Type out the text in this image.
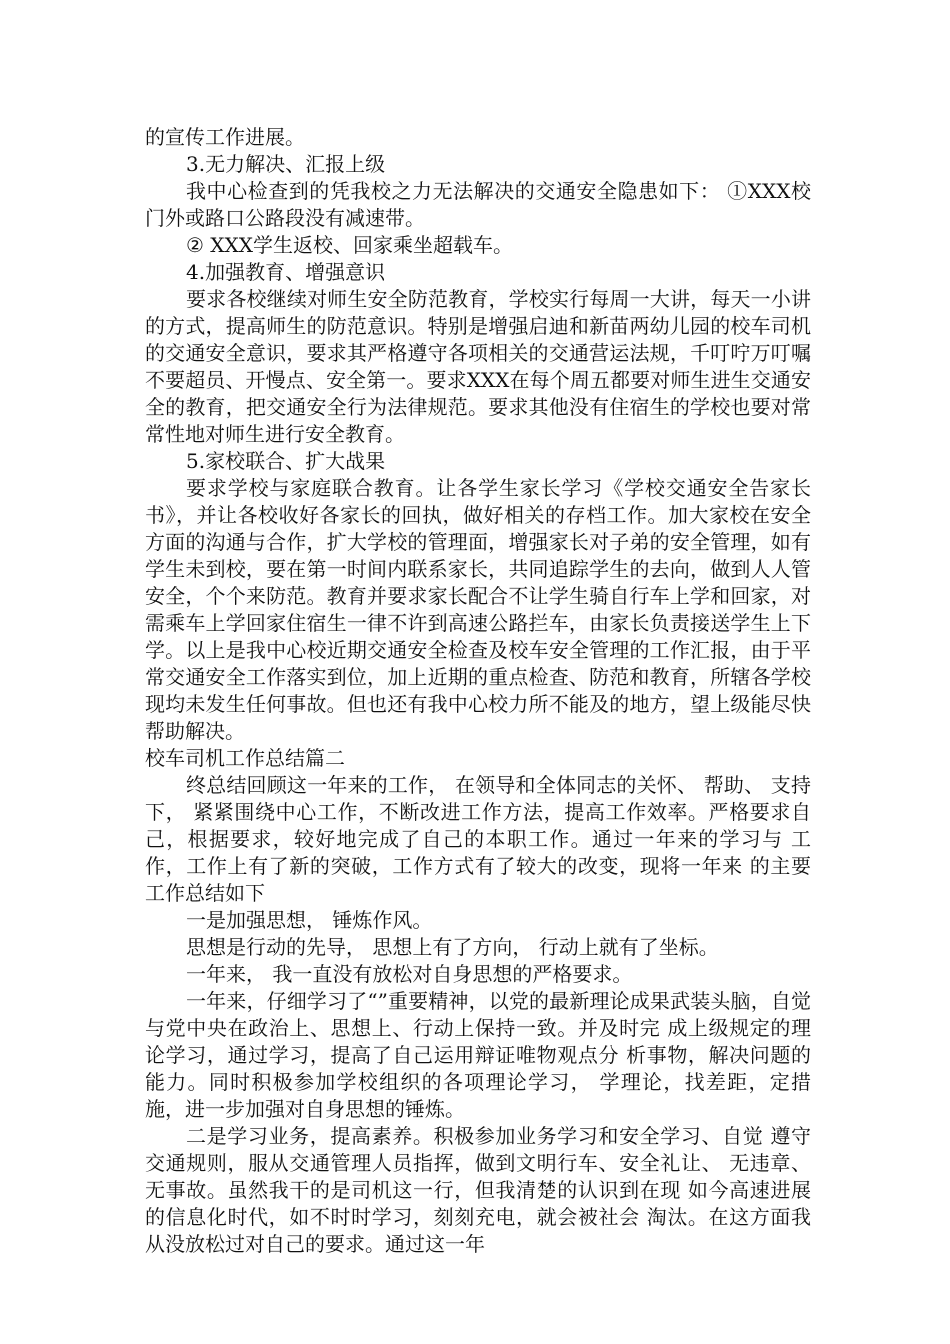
的宣传工作进展。

3.无力解决、汇报上级

我中心检查到的凭我校之力无法解决的交通安全隐患如下： ①XXX校门外或路口公路段没有减速带。

② XXX学生返校、回家乘坐超载车。

4.加强教育、增强意识

要求各校继续对师生安全防范教育，学校实行每周一大讲，每天一小讲的方式，提高师生的防范意识。特别是增强启迪和新苗两幼儿园的校车司机的交通安全意识，要求其严格遵守各项相关的交通营运法规，千叮咛万叮嘱不要超员、开慢点、安全第一。要求XXX在每个周五都要对师生进生交通安全的教育，把交通安全行为法律规范。要求其他没有住宿生的学校也要对常常性地对师生进行安全教育。

5.家校联合、扩大战果

要求学校与家庭联合教育。让各学生家长学习《学校交通安全告家长书》，并让各校收好各家长的回执，做好相关的存档工作。加大家校在安全方面的沟通与合作，扩大学校的管理面，增强家长对子弟的安全管理，如有学生未到校，要在第一时间内联系家长，共同追踪学生的去向，做到人人管安全，个个来防范。教育并要求家长配合不让学生骑自行车上学和回家，对需乘车上学回家住宿生一律不许到高速公路拦车，由家长负责接送学生上下学。以上是我中心校近期交通安全检查及校车安全管理的工作汇报，由于平常交通安全工作落实到位，加上近期的重点检查、防范和教育，所辖各学校现均未发生任何事故。但也还有我中心校力所不能及的地方，望上级能尽快帮助解决。

校车司机工作总结篇二

终总结回顾这一年来的工作， 在领导和全体同志的关怀、 帮助、 支持下， 紧紧围绕中心工作，不断改进工作方法，提高工作效率。严格要求自 己，根据要求，较好地完成了自己的本职工作。通过一年来的学习与 工作，工作上有了新的突破，工作方式有了较大的改变，现将一年来 的主要工作总结如下

一是加强思想， 锤炼作风。

思想是行动的先导， 思想上有了方向， 行动上就有了坐标。

一年来， 我一直没有放松对自身思想的严格要求。

一年来，仔细学习了“”重要精神，以党的最新理论成果武装头脑，自觉与党中央在政治上、思想上、行动上保持一致。并及时完 成上级规定的理论学习，通过学习，提高了自己运用辩证唯物观点分 析事物，解决问题的能力。同时积极参加学校组织的各项理论学习， 学理论，找差距，定措施，进一步加强对自身思想的锤炼。

二是学习业务，提高素养。积极参加业务学习和安全学习、自觉 遵守交通规则，服从交通管理人员指挥，做到文明行车、安全礼让、 无违章、无事故。虽然我干的是司机这一行，但我清楚的认识到在现 如今高速进展的信息化时代，如不时时学习，刻刻充电，就会被社会 淘汰。在这方面我从没放松过对自己的要求。通过这一年
